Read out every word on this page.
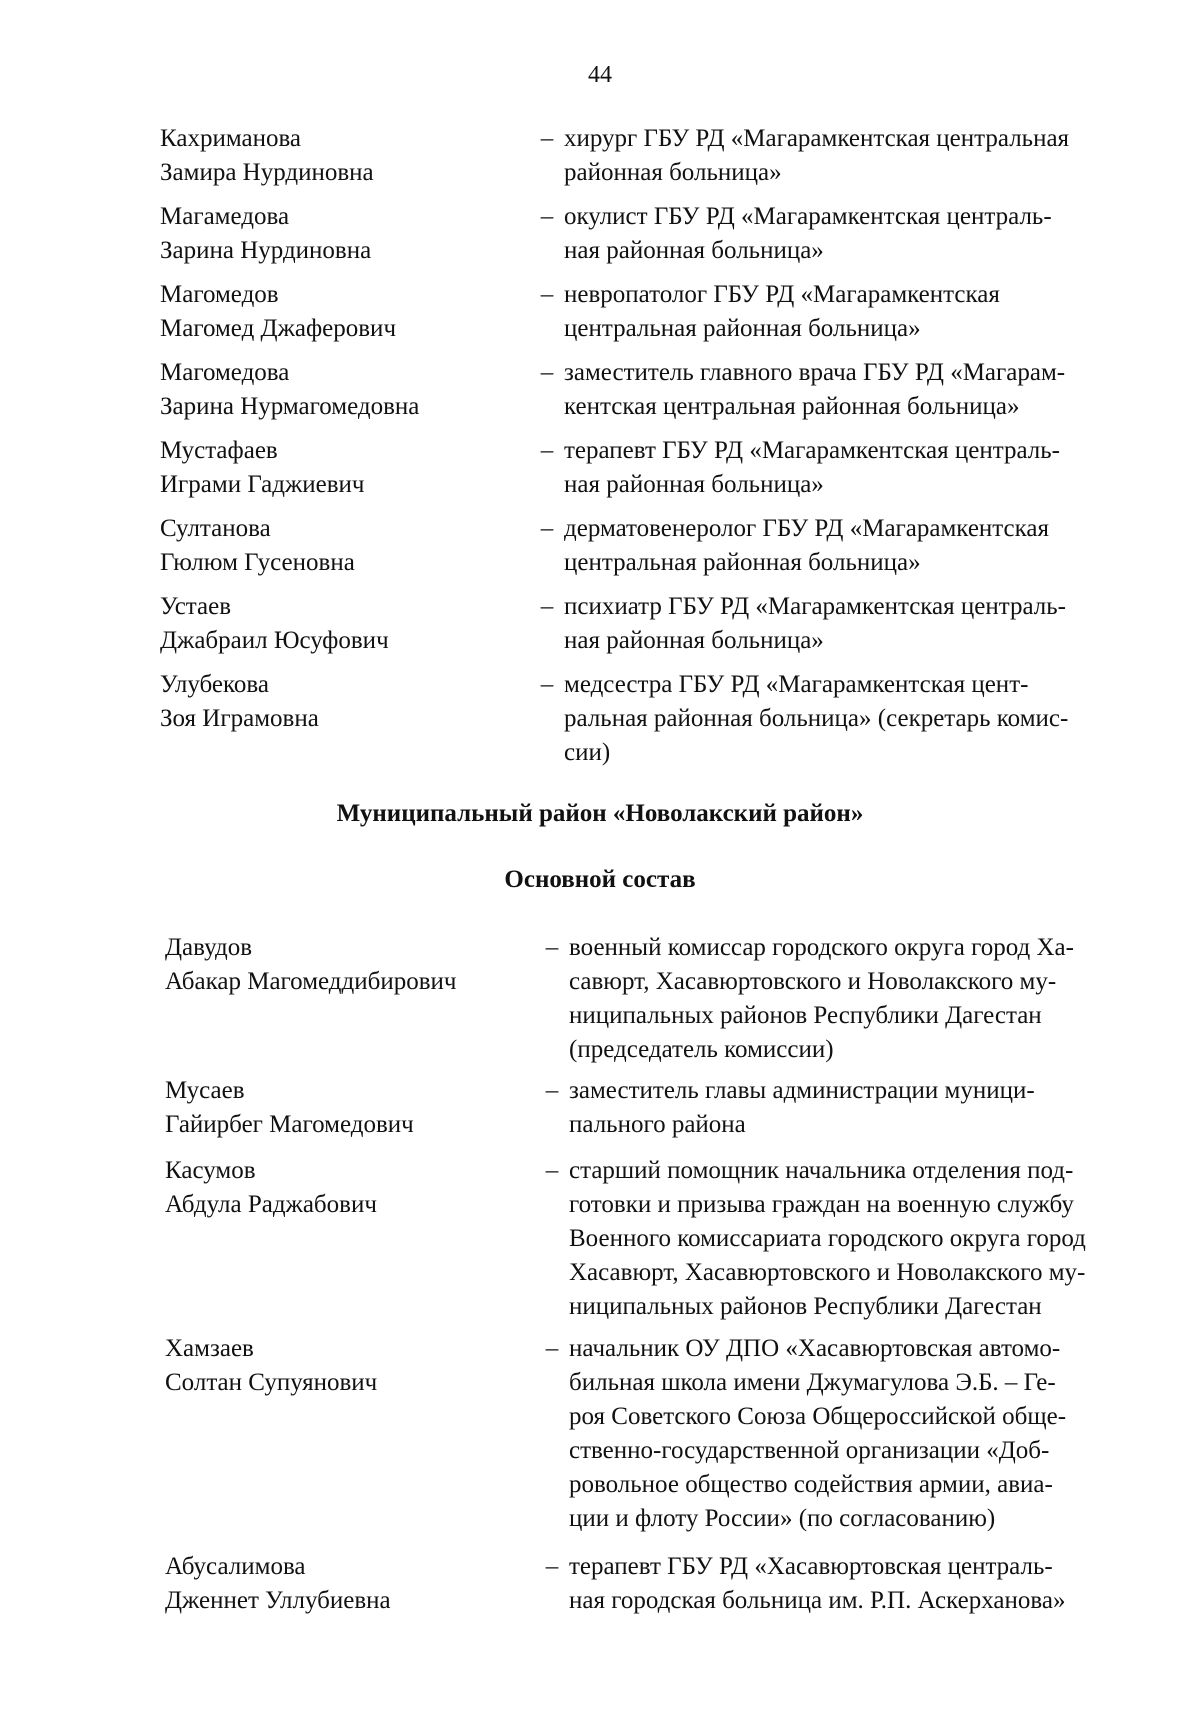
44
Кахриманова
Замира Нурдиновна
– хирург ГБУ РД «Магарамкентская центральная
районная больница»
Магамедова
Зарина Нурдиновна
– окулист ГБУ РД «Магарамкентская централь-
ная районная больница»
Магомедов
Магомед Джаферович
– невропатолог ГБУ РД «Магарамкентская
центральная районная больница»
Магомедова
Зарина Нурмагомедовна
– заместитель главного врача ГБУ РД «Магарам-
кентская центральная районная больница»
Мустафаев
Играми Гаджиевич
– терапевт ГБУ РД «Магарамкентская централь-
ная районная больница»
Султанова
Гюлюм Гусеновна
– дерматовенеролог ГБУ РД «Магарамкентская
центральная районная больница»
Устаев
Джабраил Юсуфович
– психиатр ГБУ РД «Магарамкентская централь-
ная районная больница»
Улубекова
Зоя Играмовна
– медсестра ГБУ РД «Магарамкентская цент-
ральная районная больница» (секретарь комис-
сии)
Муниципальный район «Новолакский район»
Основной состав
Давудов
Абакар Магомеддибирович
– военный комиссар городского округа город Ха-
савюрт, Хасавюртовского и Новолакского му-
ниципальных районов Республики Дагестан
(председатель комиссии)
Мусаев
Гайирбег Магомедович
– заместитель главы администрации муници-
пального района
Касумов
Абдула Раджабович
– старший помощник начальника отделения под-
готовки и призыва граждан на военную службу
Военного комиссариата городского округа город
Хасавюрт, Хасавюртовского и Новолакского му-
ниципальных районов Республики Дагестан
Хамзаев
Солтан Супуянович
– начальник ОУ ДПО «Хасавюртовская автомо-
бильная школа имени Джумагулова Э.Б. – Ге-
роя Советского Союза Общероссийской обще-
ственно-государственной организации «Доб-
ровольное общество содействия армии, авиа-
ции и флоту России» (по согласованию)
Абусалимова
Дженнет Уллубиевна
– терапевт ГБУ РД «Хасавюртовская централь-
ная городская больница им. Р.П. Аскерханова»
